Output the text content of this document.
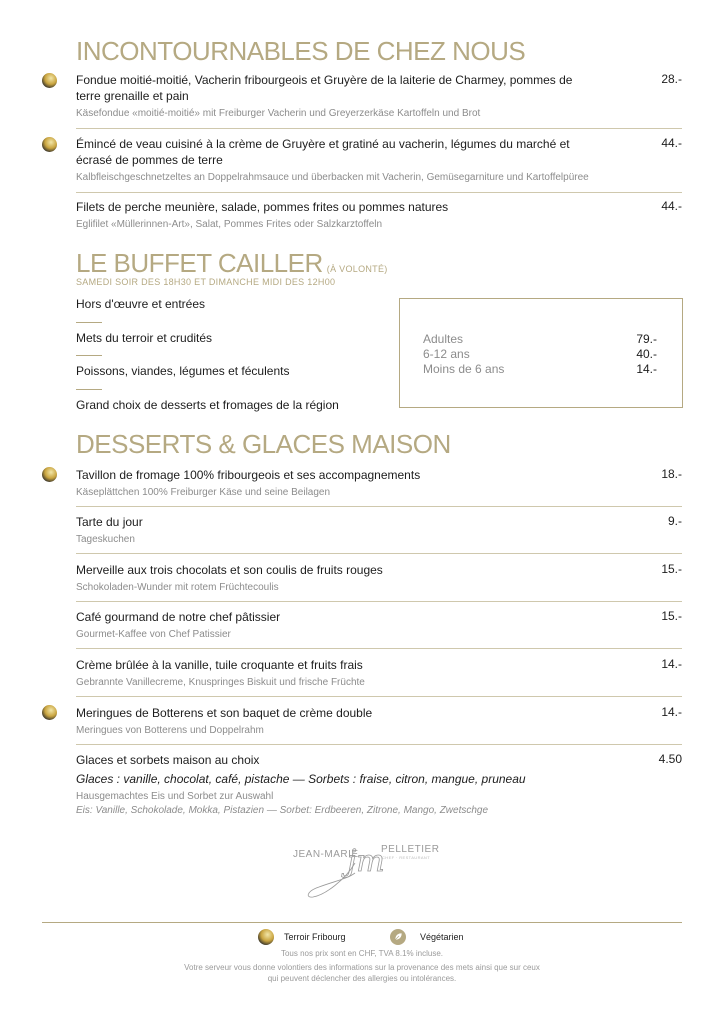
INCONTOURNABLES DE CHEZ NOUS
Fondue moitié-moitié, Vacherin fribourgeois et Gruyère de la laiterie de Charmey, pommes de terre grenaille et pain
Käsefondue «moitié-moitié» mit Freiburger Vacherin und Greyerzerkäse Kartoffeln und Brot
28.-
Émincé de veau cuisiné à la crème de Gruyère et gratiné au vacherin, légumes du marché et écrasé de pommes de terre
Kalbfleischgeschnetzeltes an Doppelrahmsauce und überbacken mit Vacherin, Gemüsegarniture und Kartoffelpüree
44.-
Filets de perche meunière, salade, pommes frites ou pommes natures
Eglifilet «Müllerinnen-Art», Salat, Pommes Frites oder Salzkarztoffeln
44.-
LE BUFFET CAILLER (À VOLONTÉ)
SAMEDI SOIR DES 18H30 ET DIMANCHE MIDI DES 12H00
Hors d'œuvre et entrées
Mets du terroir et crudités
Poissons, viandes, légumes et féculents
Grand choix de desserts et fromages de la région
Adultes	79.-
6-12 ans	40.-
Moins de 6 ans	14.-
DESSERTS & GLACES MAISON
Tavillon de fromage 100% fribourgeois et ses accompagnements
Käseplättchen 100% Freiburger Käse und seine Beilagen
18.-
Tarte du jour
Tageskuchen
9.-
Merveille aux trois chocolats et son coulis de fruits rouges
Schokoladen-Wunder mit rotem Früchtecoulis
15.-
Café gourmand de notre chef pâtissier
Gourmet-Kaffee von Chef Patissier
15.-
Crème brûlée à la vanille, tuile croquante et fruits frais
Gebrannte Vanillecreme, Knuspringes Biskuit und frische Früchte
14.-
Meringues de Botterens et son baquet de crème double
Meringues von Botterens und Doppelrahm
14.-
Glaces et sorbets maison au choix
Glaces : vanille, chocolat, café, pistache — Sorbets : fraise, citron, mangue, pruneau
Hausgemachtes Eis und Sorbet zur Auswahl
Eis: Vanille, Schokolade, Mokka, Pistazien — Sorbet: Erdbeeren, Zitrone, Mango, Zwetschge
4.50
JEAN-MARIE PELLETIER
CHEF · RESTAURANT
jm
Terroir Fribourg	Végétarien
Tous nos prix sont en CHF, TVA 8.1% incluse.
Votre serveur vous donne volontiers des informations sur la provenance des mets ainsi que sur ceux
qui peuvent déclencher des allergies ou intolérances.
